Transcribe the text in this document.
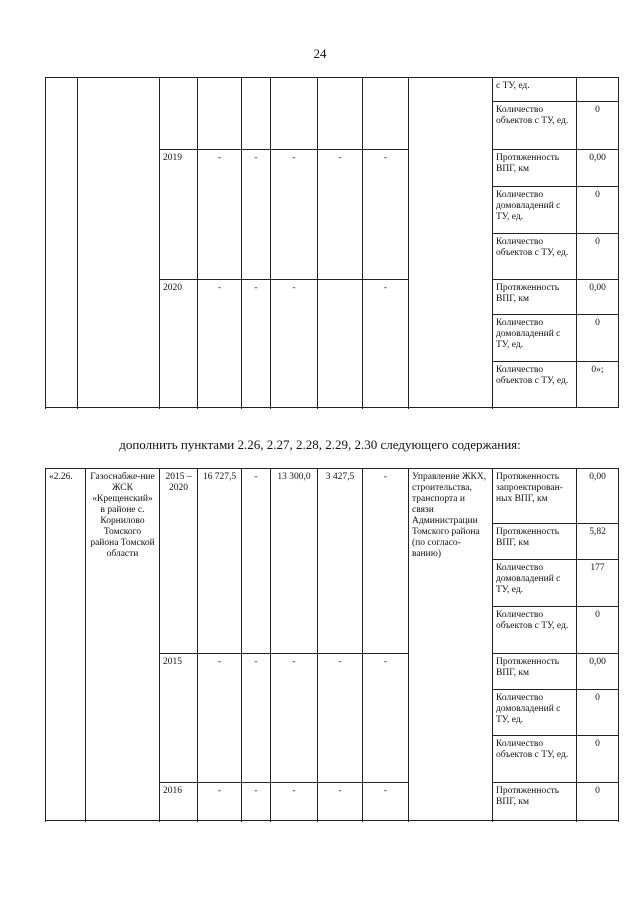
24
									с ТУ, ед.	
									Количество объектов с ТУ, ед.	0
		2019	-	-	-	-	-		Протяженность ВПГ, км	0,00
									Количество домовладений с ТУ, ед.	0
									Количество объектов с ТУ, ед.	0
		2020	-	-	-		-		Протяженность ВПГ, км	0,00
									Количество домовладений с ТУ, ед.	0
									Количество объектов с ТУ, ед.	0»;

дополнить пунктами 2.26, 2.27, 2.28, 2.29, 2.30 следующего содержания:
«2.26.	Газоснабже-ние ЖСК «Крещенский» в районе с. Корнилово Томского района Томской области	2015 – 2020	16 727,5	-	13 300,0	3 427,5	-	Управление ЖКХ, строительства, транспорта и связи Администрации Томского района (по согласо-ванию)	Протяженность запроектирован-ных ВПГ, км	0,00
									Протяженность ВПГ, км	5,82
									Количество домовладений с ТУ, ед.	177
									Количество объектов с ТУ, ед.	0
		2015	-	-	-	-	-		Протяженность ВПГ, км	0,00
									Количество домовладений с ТУ, ед.	0
									Количество объектов с ТУ, ед.	0
		2016	-	-	-	-	-		Протяженность ВПГ, км	0
